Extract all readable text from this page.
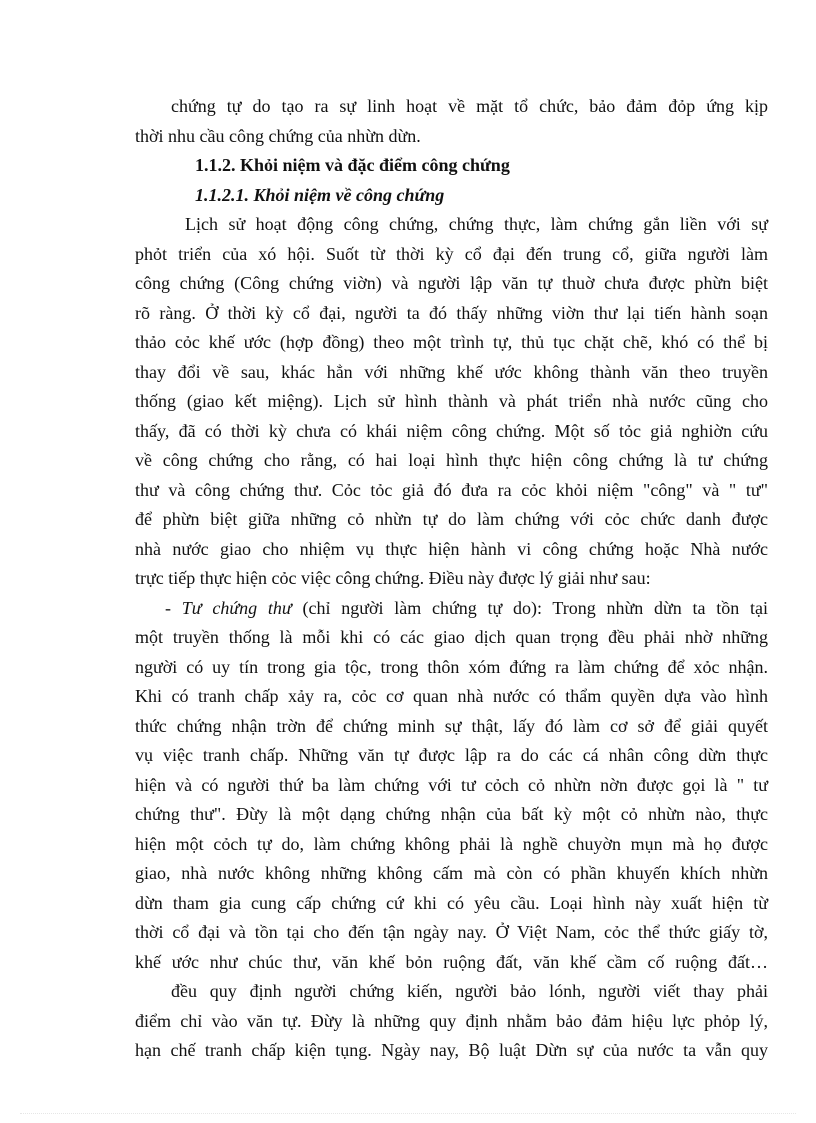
chứng tự do tạo ra sự linh hoạt về mặt tổ chức, bảo đảm đỏp ứng kịp
thời nhu cầu công chứng của nhừn dừn.
1.1.2. Khỏi niệm và đặc điểm công chứng
1.1.2.1. Khỏi niệm về công chứng
Lịch sử hoạt động công chứng, chứng thực, làm chứng gắn liền với sự
phỏt triển của xó hội. Suốt từ thời kỳ cổ đại đến trung cổ, giữa người làm
công chứng (Công chứng viờn) và người lập văn tự thuờ chưa được phừn biệt
rõ ràng. Ở thời kỳ cổ đại, người ta đó thấy những viờn thư lại tiến hành soạn
thảo cỏc khế ước (hợp đồng) theo một trình tự, thủ tục chặt chẽ, khó có thể bị
thay đổi về sau, khác hẳn với những khế ước không thành văn theo truyền
thống (giao kết miệng). Lịch sử hình thành và phát triển nhà nước cũng cho
thấy, đã có thời kỳ chưa có khái niệm công chứng. Một số tỏc giả nghiờn cứu
về công chứng cho rằng, có hai loại hình thực hiện công chứng là tư chứng
thư và công chứng thư. Cỏc tỏc giả đó đưa ra cỏc khỏi niệm "công" và " tư"
để phừn biệt giữa những cỏ nhừn tự do làm chứng với cỏc chức danh được
nhà nước giao cho nhiệm vụ thực hiện hành vi công chứng hoặc Nhà nước
trực tiếp thực hiện cỏc việc công chứng. Điều này được lý giải như sau:
- Tư chứng thư (chỉ người làm chứng tự do): Trong nhừn dừn ta tồn tại
một truyền thống là mỗi khi có các giao dịch quan trọng đều phải nhờ những
người có uy tín trong gia tộc, trong thôn xóm đứng ra làm chứng để xỏc nhận.
Khi có tranh chấp xảy ra, cỏc cơ quan nhà nước có thẩm quyền dựa vào hình
thức chứng nhận trờn để chứng minh sự thật, lấy đó làm cơ sở để giải quyết
vụ việc tranh chấp. Những văn tự được lập ra do các cá nhân công dừn thực
hiện và có người thứ ba làm chứng với tư cỏch cỏ nhừn nờn được gọi là " tư
chứng thư". Đừy là một dạng chứng nhận của bất kỳ một cỏ nhừn nào, thực
hiện một cỏch tự do, làm chứng không phải là nghề chuyờn mụn mà họ được
giao, nhà nước không những không cấm mà còn có phần khuyến khích nhừn
dừn tham gia cung cấp chứng cứ khi có yêu cầu. Loại hình này xuất hiện từ
thời cổ đại và tồn tại cho đến tận ngày nay. Ở Việt Nam, cỏc thể thức giấy tờ,
khế ước như chúc thư, văn khế bỏn ruộng đất, văn khế cầm cố ruộng đất…
đều quy định người chứng kiến, người bảo lónh, người viết thay phải
điểm chỉ vào văn tự. Đừy là những quy định nhằm bảo đảm hiệu lực phỏp lý,
hạn chế tranh chấp kiện tụng. Ngày nay, Bộ luật Dừn sự của nước ta vẫn quy
